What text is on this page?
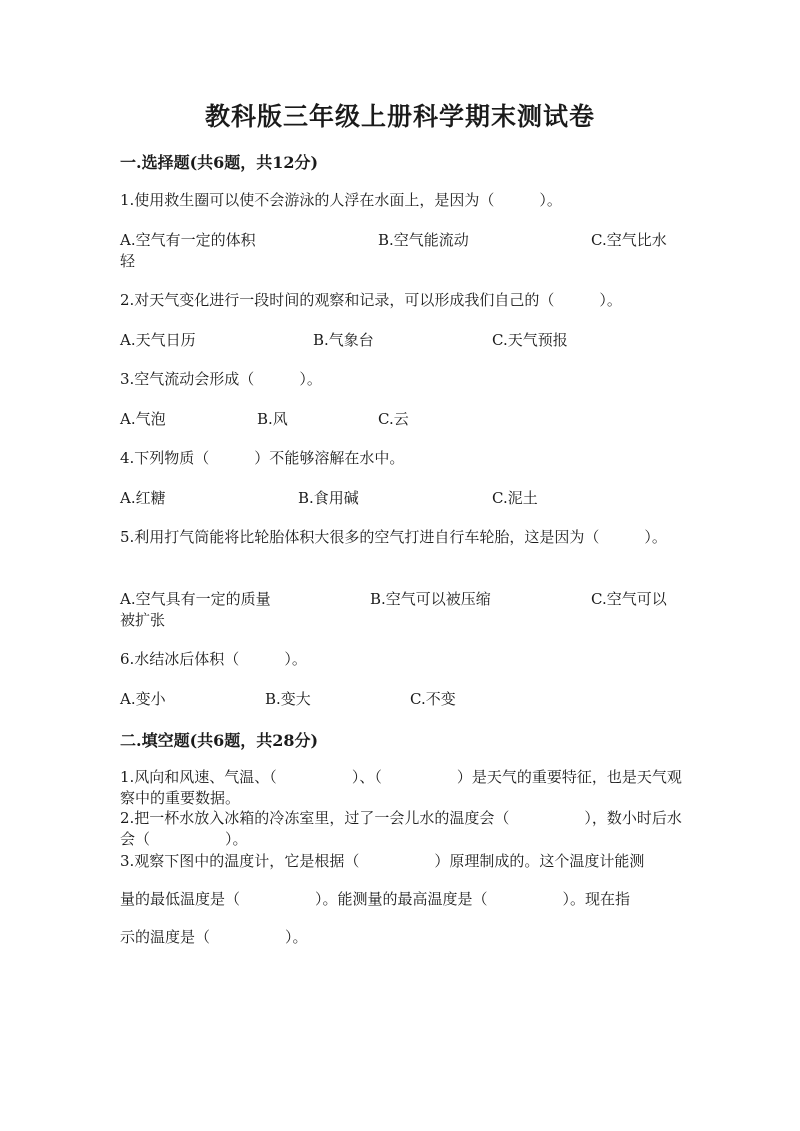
教科版三年级上册科学期末测试卷
一.选择题(共6题，共12分)
1.使用救生圈可以使不会游泳的人浮在水面上，是因为（　　　）。
A.空气有一定的体积	B.空气能流动	C.空气比水
轻
2.对天气变化进行一段时间的观察和记录，可以形成我们自己的（　　　）。
A.天气日历	B.气象台	C.天气预报
3.空气流动会形成（　　　）。
A.气泡	B.风	C.云
4.下列物质（　　　）不能够溶解在水中。
A.红糖	B.食用碱	C.泥土
5.利用打气筒能将比轮胎体积大很多的空气打进自行车轮胎，这是因为（　　　）。
A.空气具有一定的质量	B.空气可以被压缩	C.空气可以
被扩张
6.水结冰后体积（　　　）。
A.变小	B.变大	C.不变
二.填空题(共6题，共28分)
1.风向和风速、气温、（　　　　　）、（　　　　　）是天气的重要特征，也是天气观察中的重要数据。
2.把一杯水放入冰箱的冷冻室里，过了一会儿水的温度会（　　　　　），数小时后水会（　　　　　）。
3.观察下图中的温度计，它是根据（　　　　　）原理制成的。这个温度计能测
量的最低温度是（　　　　　）。能测量的最高温度是（　　　　　）。现在指
示的温度是（　　　　　）。
